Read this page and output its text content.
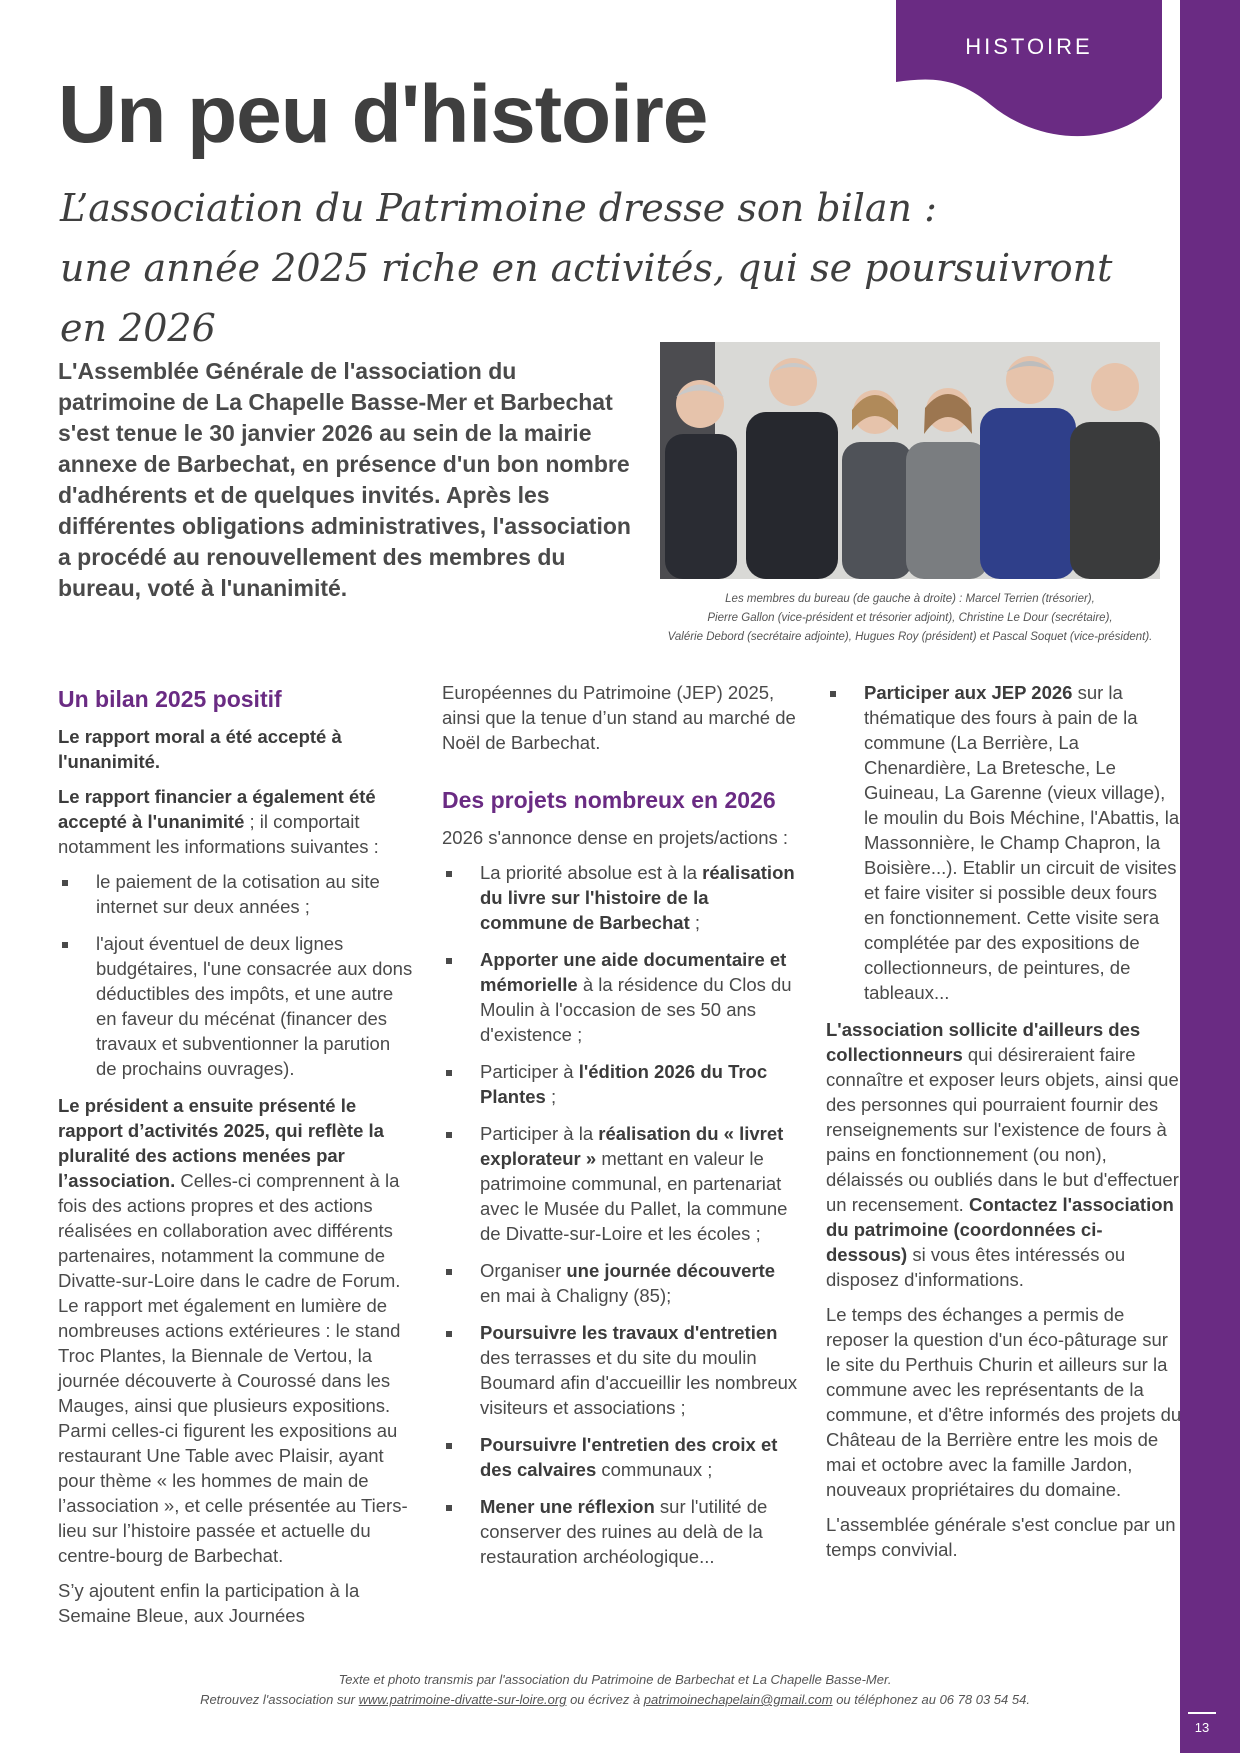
13
HISTOIRE
Un peu d'histoire
L’association du Patrimoine dresse son bilan :
une année 2025 riche en activités, qui se poursuivront en 2026

L'Assemblée Générale de l'association du patrimoine de La Chapelle Basse-Mer et Barbechat s'est tenue le 30 janvier 2026 au sein de la mairie annexe de Barbechat, en présence d'un bon nombre d'adhérents et de quelques invités. Après les différentes obligations administratives, l'association a procédé au renouvellement des membres du bureau, voté à l'unanimité.	Les membres du bureau (de gauche à droite) : Marcel Terrien (trésorier),
Pierre Gallon (vice-président et trésorier adjoint), Christine Le Dour (secrétaire),
Valérie Debord (secrétaire adjointe), Hugues Roy (président) et Pascal Soquet (vice-président).
Un bilan 2025 positif

Le rapport moral a été accepté à l'unanimité.

Le rapport financier a également été accepté à l'unanimité ; il comportait notamment les informations suivantes :

le paiement de la cotisation au site internet sur deux années ;
l'ajout éventuel de deux lignes budgétaires, l'une consacrée aux dons déductibles des impôts, et une autre en faveur du mécénat (financer des travaux et subventionner la parution de prochains ouvrages).

Le président a ensuite présenté le rapport d’activités 2025, qui reflète la pluralité des actions menées par l’association. Celles-ci comprennent à la fois des actions propres et des actions réalisées en collaboration avec différents partenaires, notamment la commune de Divatte-sur-Loire dans le cadre de Forum. Le rapport met également en lumière de nombreuses actions extérieures : le stand Troc Plantes, la Biennale de Vertou, la journée découverte à Courossé dans les Mauges, ainsi que plusieurs expositions. Parmi celles-ci figurent les expositions au restaurant Une Table avec Plaisir, ayant pour thème « les hommes de main de l’association », et celle présentée au Tiers-lieu sur l’histoire passée et actuelle du centre-bourg de Barbechat.

S’y ajoutent enfin la participation à la Semaine Bleue, aux Journées

Européennes du Patrimoine (JEP) 2025, ainsi que la tenue d’un stand au marché de Noël de Barbechat.

Des projets nombreux en 2026

2026 s'annonce dense en projets/actions :

La priorité absolue est à la réalisation du livre sur l'histoire de la commune de Barbechat ;
Apporter une aide documentaire et mémorielle à la résidence du Clos du Moulin à l'occasion de ses 50 ans d'existence ;
Participer à l'édition 2026 du Troc Plantes ;
Participer à la réalisation du « livret explorateur » mettant en valeur le patrimoine communal, en partenariat avec le Musée du Pallet, la commune de Divatte-sur-Loire et les écoles ;
Organiser une journée découverte en mai à Chaligny (85);
Poursuivre les travaux d'entretien des terrasses et du site du moulin Boumard afin d'accueillir les nombreux visiteurs et associations ;
Poursuivre l'entretien des croix et des calvaires communaux ;
Mener une réflexion sur l'utilité de conserver des ruines au delà de la restauration archéologique...
Participer aux JEP 2026 sur la thématique des fours à pain de la commune (La Berrière, La Chenardière, La Bretesche, Le Guineau, La Garenne (vieux village), le moulin du Bois Méchine, l'Abattis, la Massonnière, le Champ Chapron, la Boisière...). Etablir un circuit de visites et faire visiter si possible deux fours en fonctionnement. Cette visite sera complétée par des expositions de collectionneurs, de peintures, de tableaux...

L'association sollicite d'ailleurs des collectionneurs qui désireraient faire connaître et exposer leurs objets, ainsi que des personnes qui pourraient fournir des renseignements sur l'existence de fours à pains en fonctionnement (ou non), délaissés ou oubliés dans le but d'effectuer un recensement. Contactez l'association du patrimoine (coordonnées ci-dessous) si vous êtes intéressés ou disposez d'informations.

Le temps des échanges a permis de reposer la question d'un éco-pâturage sur le site du Perthuis Churin et ailleurs sur la commune avec les représentants de la commune, et d'être informés des projets du Château de la Berrière entre les mois de mai et octobre avec la famille Jardon, nouveaux propriétaires du domaine.

L'assemblée générale s'est conclue par un temps convivial.

Texte et photo transmis par l'association du Patrimoine de Barbechat et La Chapelle Basse-Mer.
Retrouvez l'association sur www.patrimoine-divatte-sur-loire.org ou écrivez à patrimoinechapelain@gmail.com ou téléphonez au 06 78 03 54 54.
